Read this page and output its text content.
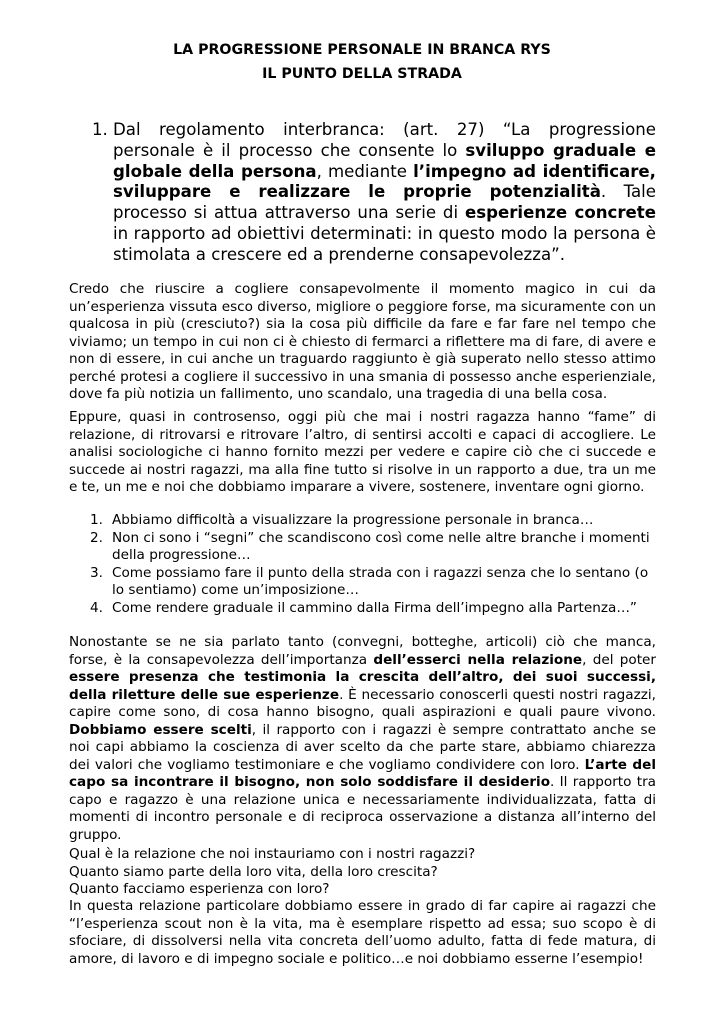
LA PROGRESSIONE PERSONALE IN BRANCA RYS
IL PUNTO DELLA STRADA
1. Dal regolamento interbranca: (art. 27) “La progressione personale è il processo che consente lo sviluppo graduale e globale della persona, mediante l’impegno ad identificare, sviluppare e realizzare le proprie potenzialità. Tale processo si attua attraverso una serie di esperienze concrete in rapporto ad obiettivi determinati: in questo modo la persona è stimolata a crescere ed a prenderne consapevolezza”.
Credo che riuscire a cogliere consapevolmente il momento magico in cui da un’esperienza vissuta esco diverso, migliore o peggiore forse, ma sicuramente con un qualcosa in più (cresciuto?) sia la cosa più difficile da fare e far fare nel tempo che viviamo; un tempo in cui non ci è chiesto di fermarci a riflettere ma di fare, di avere e non di essere, in cui anche un traguardo raggiunto è già superato nello stesso attimo perché protesi a cogliere il successivo in una smania di possesso anche esperienziale, dove fa più notizia un fallimento, uno scandalo, una tragedia di una bella cosa.
Eppure, quasi in controsenso, oggi più che mai i nostri ragazza hanno “fame” di relazione, di ritrovarsi e ritrovare l’altro, di sentirsi accolti e capaci di accogliere. Le analisi sociologiche ci hanno fornito mezzi per vedere e capire ciò che ci succede e succede ai nostri ragazzi, ma alla fine tutto si risolve in un rapporto a due, tra un me e te, un me e noi che dobbiamo imparare a vivere, sostenere, inventare ogni giorno.
1. Abbiamo difficoltà a visualizzare la progressione personale in branca…
2. Non ci sono i “segni” che scandiscono così come nelle altre branche i momenti della progressione…
3. Come possiamo fare il punto della strada con i ragazzi senza che lo sentano (o lo sentiamo) come un’imposizione…
4. Come rendere graduale il cammino dalla Firma dell’impegno alla Partenza…”
Nonostante se ne sia parlato tanto (convegni, botteghe, articoli) ciò che manca, forse, è la consapevolezza dell’importanza dell’esserci nella relazione, del poter essere presenza che testimonia la crescita dell’altro, dei suoi successi, della riletture delle sue esperienze. È necessario conoscerli questi nostri ragazzi, capire come sono, di cosa hanno bisogno, quali aspirazioni e quali paure vivono. Dobbiamo essere scelti, il rapporto con i ragazzi è sempre contrattato anche se noi capi abbiamo la coscienza di aver scelto da che parte stare, abbiamo chiarezza dei valori che vogliamo testimoniare e che vogliamo condividere con loro. L’arte del capo sa incontrare il bisogno, non solo soddisfare il desiderio. Il rapporto tra capo e ragazzo è una relazione unica e necessariamente individualizzata, fatta di momenti di incontro personale e di reciproca osservazione a distanza all’interno del gruppo.
Qual è la relazione che noi instauriamo con i nostri ragazzi?
Quanto siamo parte della loro vita, della loro crescita?
Quanto facciamo esperienza con loro?
In questa relazione particolare dobbiamo essere in grado di far capire ai ragazzi che “l’esperienza scout non è la vita, ma è esemplare rispetto ad essa; suo scopo è di sfociare, di dissolversi nella vita concreta dell’uomo adulto, fatta di fede matura, di amore, di lavoro e di impegno sociale e politico…e noi dobbiamo esserne l’esempio!
